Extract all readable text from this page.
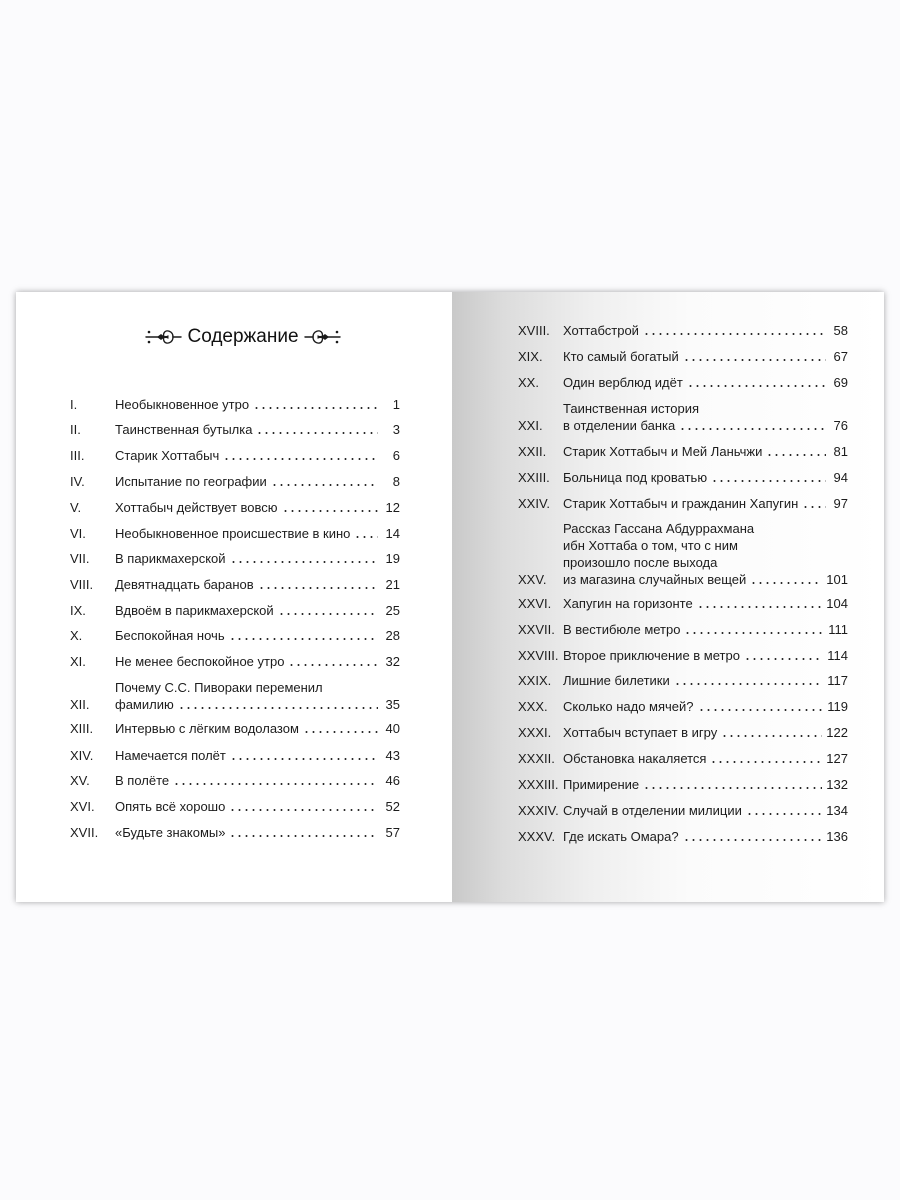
Содержание
I.	Необыкновенное утро	1
II.	Таинственная бутылка	3
III.	Старик Хоттабыч	6
IV.	Испытание по географии	8
V.	Хоттабыч действует вовсю	12
VI.	Необыкновенное происшествие в кино	14
VII.	В парикмахерской	19
VIII.	Девятнадцать баранов	21
IX.	Вдвоём в парикмахерской	25
X.	Беспокойная ночь	28
XI.	Не менее беспокойное утро	32
XII.
Почему С.С. Пивораки переменил
фамилию	35
XIII.	Интервью с лёгким водолазом	40
XIV.	Намечается полёт	43
XV.	В полёте	46
XVI.	Опять всё хорошо	52
XVII.	«Будьте знакомы»	57
XVIII.	Хоттабстрой	58
XIX.	Кто самый богатый	67
XX.	Один верблюд идёт	69
XXI.
Таинственная история
в отделении банка	76
XXII.	Старик Хоттабыч и Мей Ланьчжи	81
XXIII.	Больница под кроватью	94
XXIV. Старик Хоттабыч и гражданин Хапугин	97
XXV.
Рассказ Гассана Абдуррахмана
ибн Хоттаба о том, что с ним
произошло после выхода
из магазина случайных вещей	101
XXVI. Хапугин на горизонте	104
XXVII. В вестибюле метро	111
XXVIII. Второе приключение в метро	114
XXIX. Лишние билетики	117
XXX.	Сколько надо мячей?	119
XXXI. Хоттабыч вступает в игру	122
XXXII. Обстановка накаляется	127
XXXIII. Примирение	132
XXXIV. Случай в отделении милиции	134
XXXV. Где искать Омара?	136
